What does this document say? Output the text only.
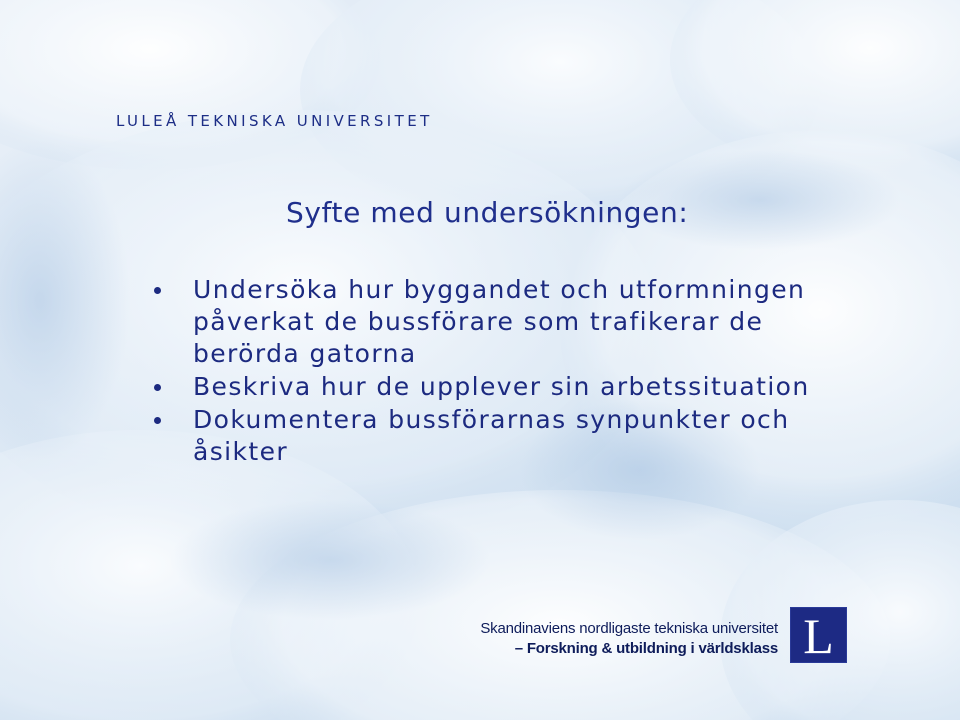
LULEÅ TEKNISKA UNIVERSITET
Syfte med undersökningen:
Undersöka hur byggandet och utformningen påverkat de bussförare som trafikerar de berörda gatorna
Beskriva hur de upplever sin arbetssituation
Dokumentera bussförarnas synpunkter och åsikter
Skandinaviens nordligaste tekniska universitet
– Forskning & utbildning i världsklass L
